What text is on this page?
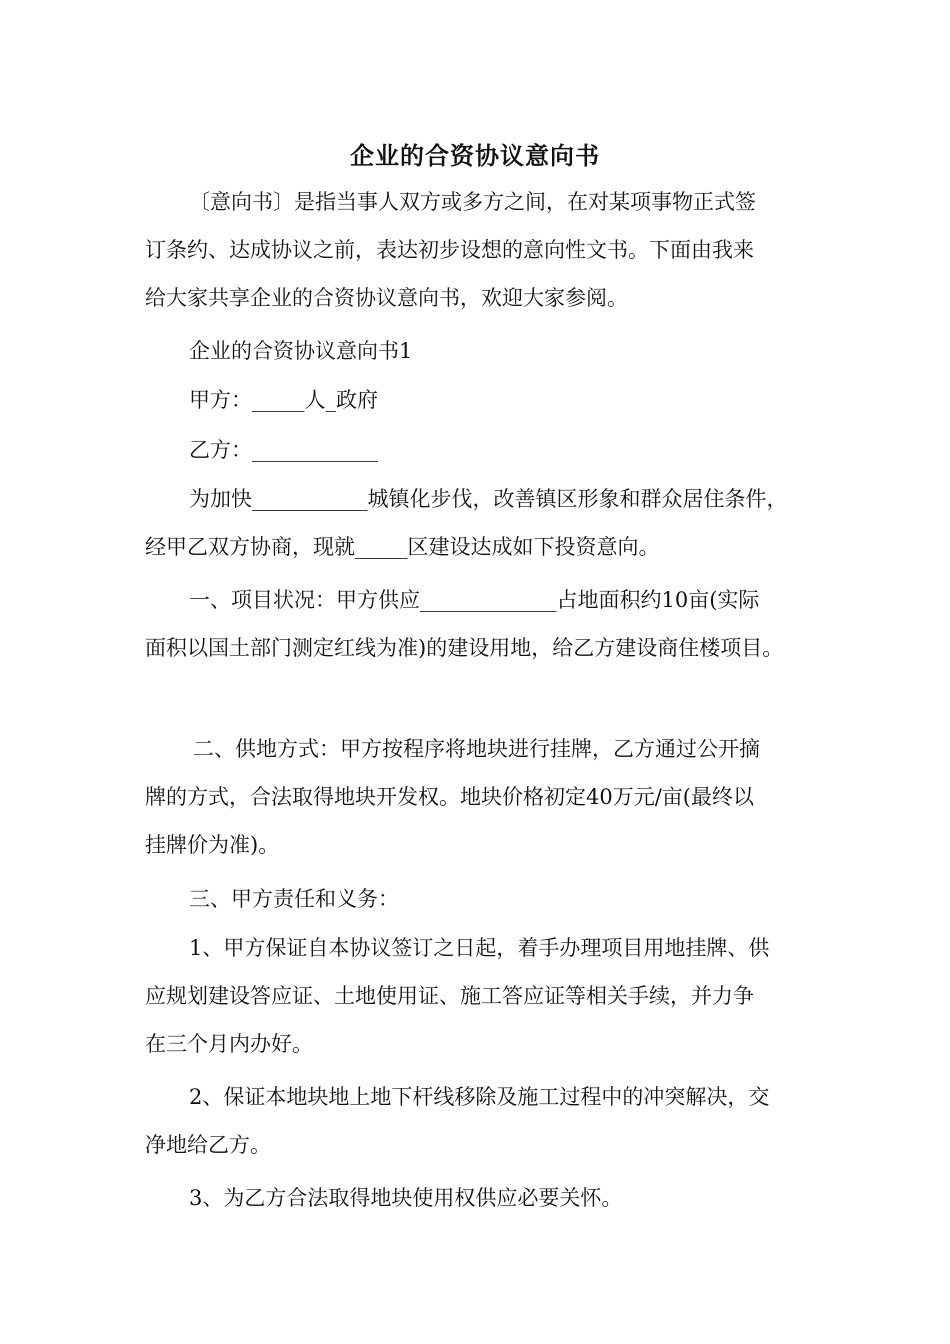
企业的合资协议意向书
〔意向书〕是指当事人双方或多方之间，在对某项事物正式签
订条约、达成协议之前，表达初步设想的意向性文书。下面由我来
给大家共享企业的合资协议意向书，欢迎大家参阅。
企业的合资协议意向书1
甲方：_____人_政府
乙方：____________
为加快___________城镇化步伐，改善镇区形象和群众居住条件，
经甲乙双方协商，现就_____区建设达成如下投资意向。
一、项目状况：甲方供应_____________占地面积约10亩(实际
面积以国土部门测定红线为准)的建设用地，给乙方建设商住楼项目。
二、供地方式：甲方按程序将地块进行挂牌，乙方通过公开摘
牌的方式，合法取得地块开发权。地块价格初定40万元/亩(最终以
挂牌价为准)。
三、甲方责任和义务：
1、甲方保证自本协议签订之日起，着手办理项目用地挂牌、供
应规划建设答应证、土地使用证、施工答应证等相关手续，并力争
在三个月内办好。
2、保证本地块地上地下杆线移除及施工过程中的冲突解决，交
净地给乙方。
3、为乙方合法取得地块使用权供应必要关怀。
